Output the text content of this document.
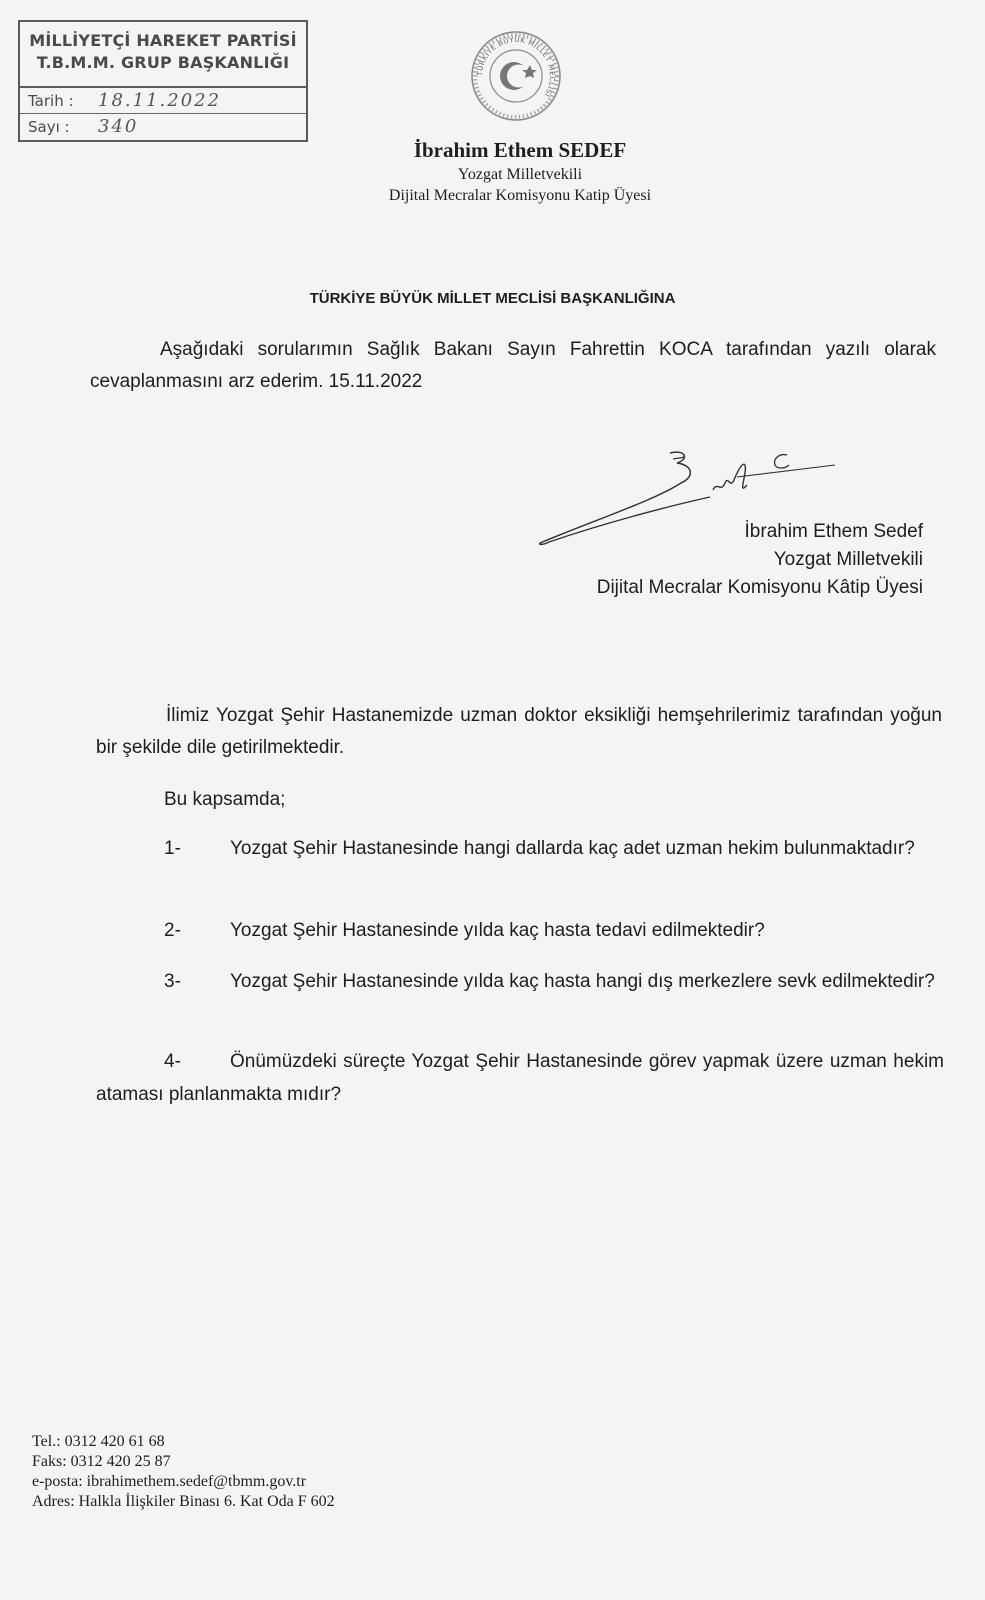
MİLLİYETÇİ HAREKET PARTİSİ
T.B.M.M. GRUP BAŞKANLIĞI
Tarih : 18.11.2022
Sayı : 340
TÜRKİYE BÜYÜK MİLLET MECLİSİ
İbrahim Ethem SEDEF
Yozgat Milletvekili
Dijital Mecralar Komisyonu Katip Üyesi
TÜRKİYE BÜYÜK MİLLET MECLİSİ BAŞKANLIĞINA
Aşağıdaki sorularımın Sağlık Bakanı Sayın Fahrettin KOCA tarafından yazılı olarak cevaplanmasını arz ederim. 15.11.2022
İbrahim Ethem Sedef
Yozgat Milletvekili
Dijital Mecralar Komisyonu Kâtip Üyesi
İlimiz Yozgat Şehir Hastanemizde uzman doktor eksikliği hemşehrilerimiz tarafından yoğun bir şekilde dile getirilmektedir.
Bu kapsamda;
1-	Yozgat Şehir Hastanesinde hangi dallarda kaç adet uzman hekim bulunmaktadır?
2-	Yozgat Şehir Hastanesinde yılda kaç hasta tedavi edilmektedir?
3-	Yozgat Şehir Hastanesinde yılda kaç hasta hangi dış merkezlere sevk edilmektedir?
4-	Önümüzdeki süreçte Yozgat Şehir Hastanesinde görev yapmak üzere uzman hekim ataması planlanmakta mıdır?
Tel.: 0312 420 61 68
Faks: 0312 420 25 87
e-posta: ibrahimethem.sedef@tbmm.gov.tr
Adres: Halkla İlişkiler Binası 6. Kat Oda F 602
